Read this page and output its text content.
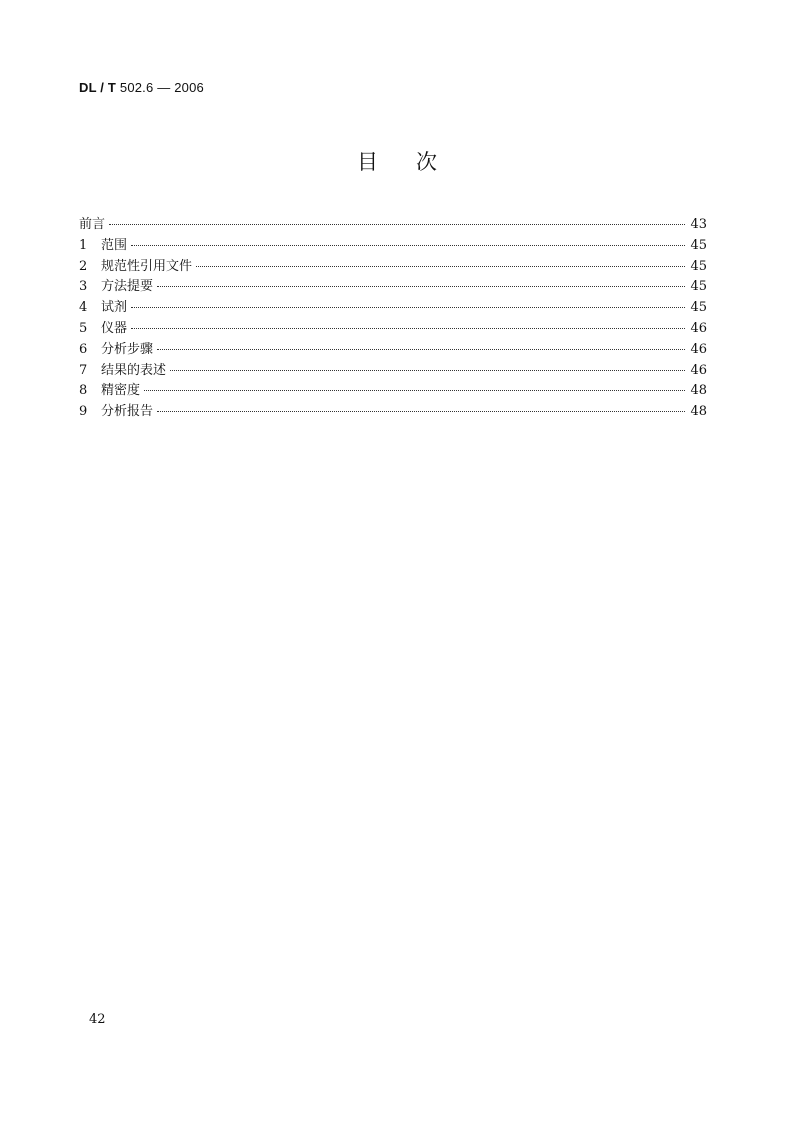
DL / T 502.6 — 2006
目次
前言	43
1	范围	45
2	规范性引用文件	45
3	方法提要	45
4	试剂	45
5	仪器	46
6	分析步骤	46
7	结果的表述	46
8	精密度	48
9	分析报告	48
42
